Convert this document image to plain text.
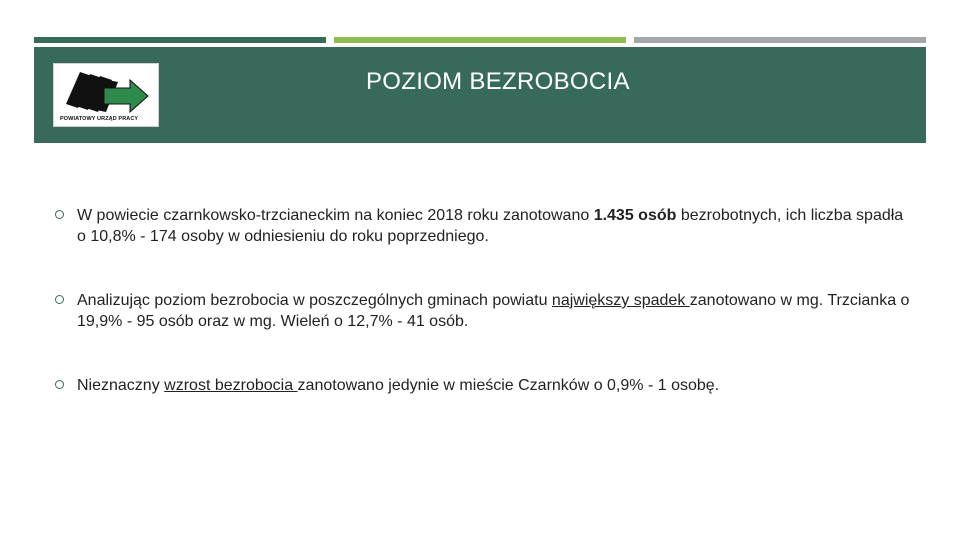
POWIATOWY URZĄD PRACY
POZIOM BEZROBOCIA
W powiecie czarnkowsko-trzcianeckim na koniec 2018 roku zanotowano 1.435 osób bezrobotnych, ich liczba spadła o 10,8% - 174 osoby w odniesieniu do roku poprzedniego.
Analizując poziom bezrobocia w poszczególnych gminach powiatu największy spadek zanotowano w mg. Trzcianka o 19,9% - 95 osób oraz w mg. Wieleń o 12,7% - 41 osób.
Nieznaczny wzrost bezrobocia zanotowano jedynie w mieście Czarnków o 0,9% - 1 osobę.
